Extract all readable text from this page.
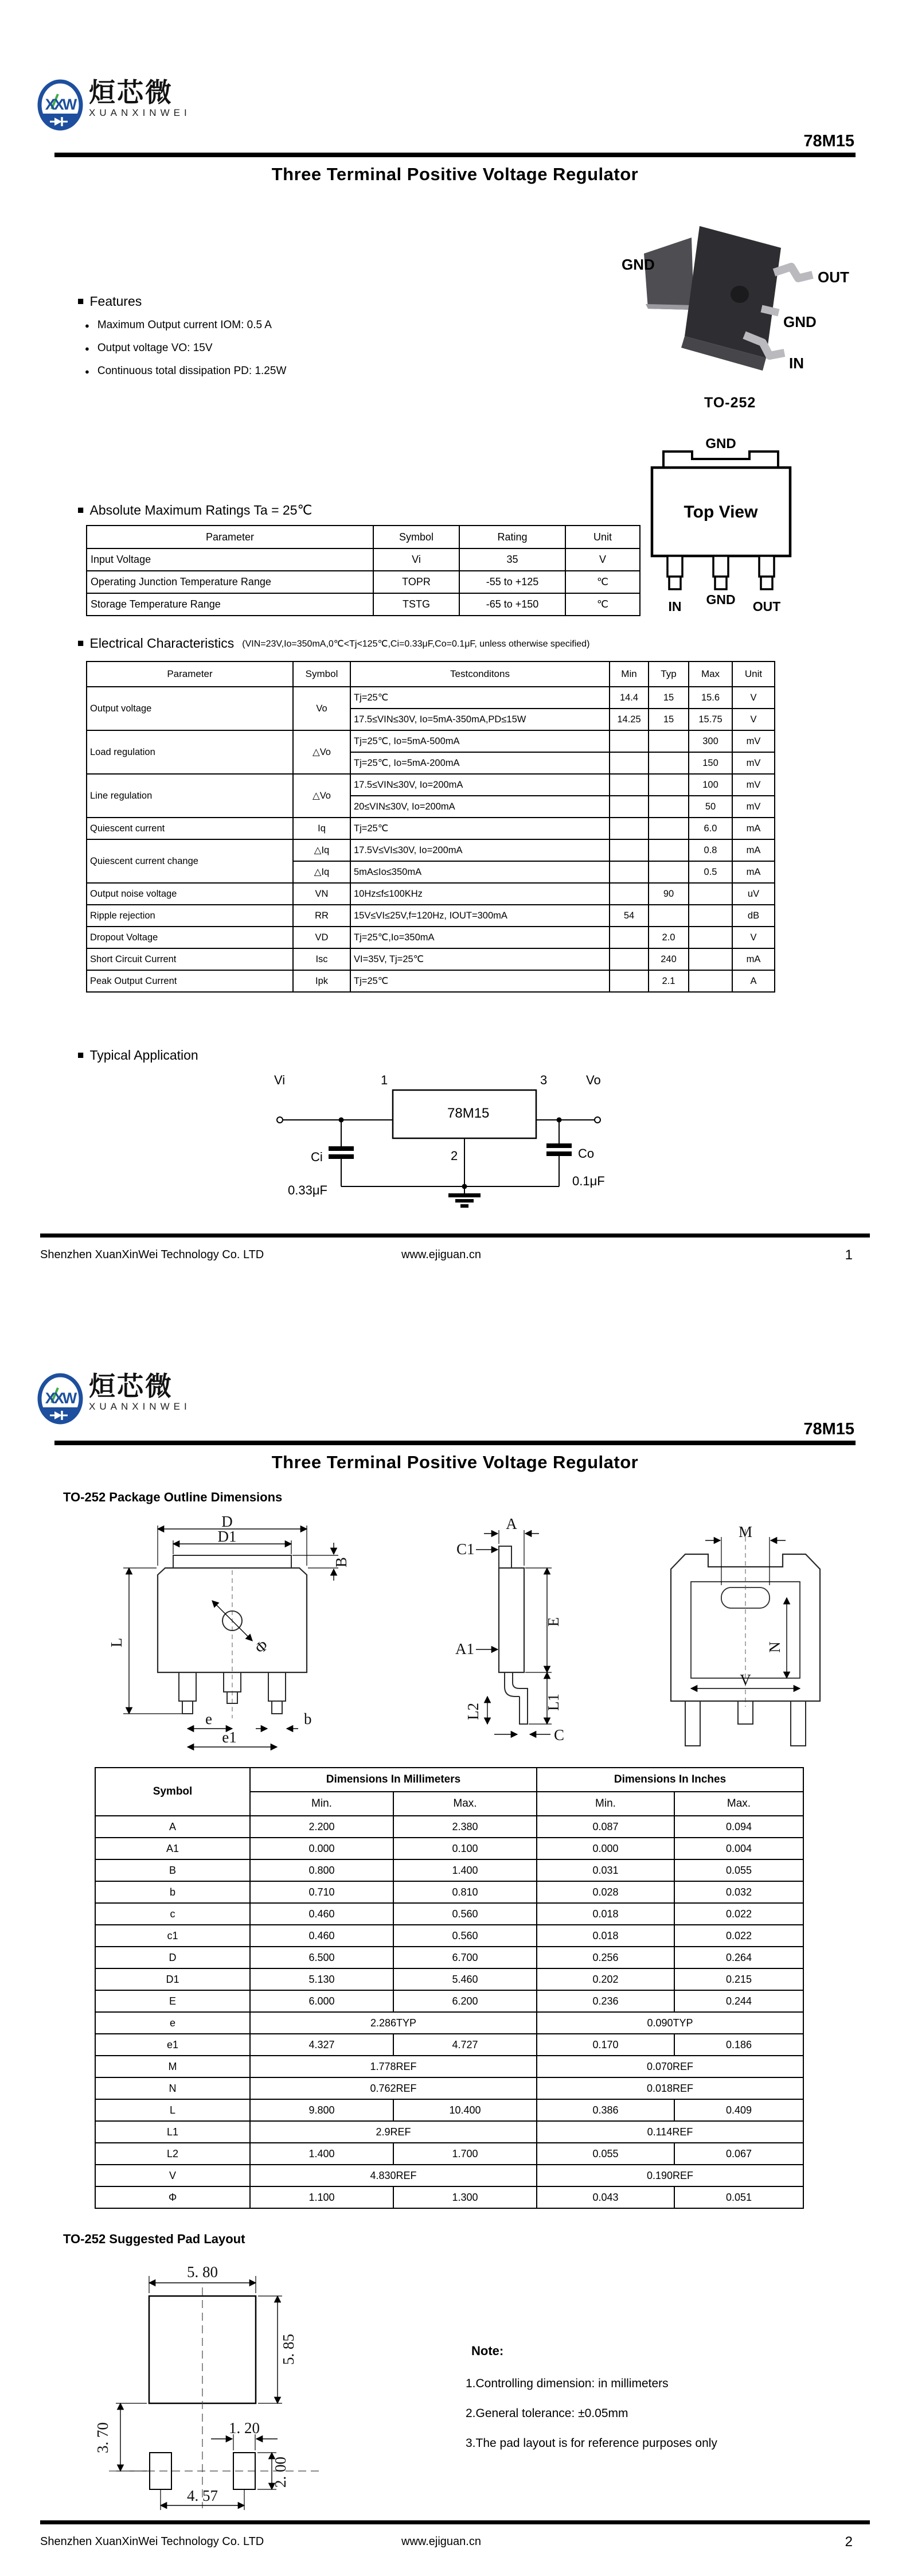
XXW 烜芯微
XUANXINWEI
78M15
Three Terminal Positive Voltage Regulator
■ Features
● Maximum Output current IOM: 0.5 A
● Output voltage VO: 15V
● Continuous total dissipation PD: 1.25W
GND
OUT
GND
IN
TO-252
■ Absolute Maximum Ratings Ta = 25℃
Parameter	Symbol	Rating	Unit
Input Voltage	Vi	35	V
Operating Junction Temperature Range	TOPR	-55 to +125	℃
Storage Temperature Range	TSTG	-65 to +150	℃
GND
Top View
IN GND OUT
■ Electrical Characteristics (VIN=23V,Io=350mA,0℃<Tj<125℃,Ci=0.33μF,Co=0.1μF, unless otherwise specified)
Parameter	Symbol	Testconditons	Min	Typ	Max	Unit
Output voltage	Vo	Tj=25℃	14.4	15	15.6	V
		17.5≤VIN≤30V, Io=5mA-350mA,PD≤15W	14.25	15	15.75	V
Load regulation	△Vo	Tj=25℃, Io=5mA-500mA			300	mV
		Tj=25℃, Io=5mA-200mA			150	mV
Line regulation	△Vo	17.5≤VIN≤30V, Io=200mA			100	mV
		20≤VIN≤30V, Io=200mA			50	mV
Quiescent current	Iq	Tj=25℃			6.0	mA
Quiescent current change	△Iq	17.5V≤VI≤30V, Io=200mA			0.8	mA
	△Iq	5mA≤Io≤350mA			0.5	mA
Output noise voltage	VN	10Hz≤f≤100KHz		90		uV
Ripple rejection	RR	15V≤VI≤25V,f=120Hz, IOUT=300mA	54			dB
Dropout Voltage	VD	Tj=25℃,Io=350mA		2.0		V
Short Circuit Current	Isc	VI=35V, Tj=25℃		240		mA
Peak Output Current	Ipk	Tj=25℃		2.1		A
■ Typical Application
78M15
Vi	Vo
1	3
2
Ci
0.33μF
Co
0.1μF
Shenzhen XuanXinWei Technology Co. LTD	www.ejiguan.cn	1
XXW 烜芯微
XUANXINWEI
78M15
Three Terminal Positive Voltage Regulator
TO-252 Package Outline Dimensions
D
D1
B
L	Φ
e
e1
b
A
C1
A1
L2
E
L1
C
M
N
V
Symbol	Dimensions In Millimeters		Dimensions In Inches	
	Min.	Max.	Min.	Max.
A	2.200	2.380	0.087	0.094
A1	0.000	0.100	0.000	0.004
B	0.800	1.400	0.031	0.055
b	0.710	0.810	0.028	0.032
c	0.460	0.560	0.018	0.022
c1	0.460	0.560	0.018	0.022
D	6.500	6.700	0.256	0.264
D1	5.130	5.460	0.202	0.215
E	6.000	6.200	0.236	0.244
e	2.286TYP		0.090TYP	
e1	4.327	4.727	0.170	0.186
M	1.778REF		0.070REF	
N	0.762REF		0.018REF	
L	9.800	10.400	0.386	0.409
L1	2.9REF		0.114REF	
L2	1.400	1.700	0.055	0.067
V	4.830REF		0.190REF	
Φ	1.100	1.300	0.043	0.051
TO-252 Suggested Pad Layout
5. 80
5. 85
3. 70	1. 20
2. 00
4. 57
Note:
1.Controlling dimension: in millimeters
2.General tolerance: ±0.05mm
3.The pad layout is for reference purposes only
Shenzhen XuanXinWei Technology Co. LTD	www.ejiguan.cn	2
